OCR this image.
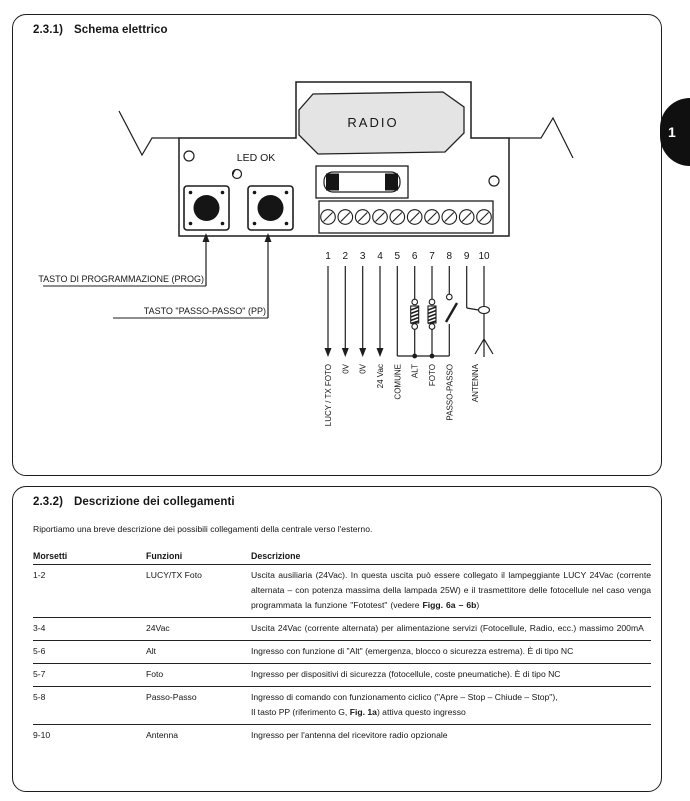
1
2.3.1) Schema elettrico
RADIO
LED OK
1 2 3 4 5 6 7 8 9 10
LUCY / TX FOTO 0V 0V 24 Vac COMUNE ALT FOTO PASSO-PASSO ANTENNA
TASTO DI PROGRAMMAZIONE (PROG)
TASTO "PASSO-PASSO" (PP)
2.3.2) Descrizione dei collegamenti
Riportiamo una breve descrizione dei possibili collegamenti della centrale verso l'esterno.
Morsetti	Funzioni	Descrizione
1-2	LUCY/TX Foto	Uscita ausiliaria (24Vac). In questa uscita può essere collegato il lampeggiante LUCY 24Vac (corrente alternata – con potenza massima della lampada 25W) e il trasmettitore delle fotocellule nel caso venga programmata la funzione "Fototest" (vedere Figg. 6a – 6b)
3-4	24Vac	Uscita 24Vac (corrente alternata) per alimentazione servizi (Fotocellule, Radio, ecc.) massimo 200mA
5-6	Alt	Ingresso con funzione di "Alt" (emergenza, blocco o sicurezza estrema). È di tipo NC
5-7	Foto	Ingresso per dispositivi di sicurezza (fotocellule, coste pneumatiche). È di tipo NC
5-8	Passo-Passo	Ingresso di comando con funzionamento ciclico ("Apre – Stop – Chiude – Stop"),
Il tasto PP (riferimento G, Fig. 1a) attiva questo ingresso
9-10	Antenna	Ingresso per l'antenna del ricevitore radio opzionale
